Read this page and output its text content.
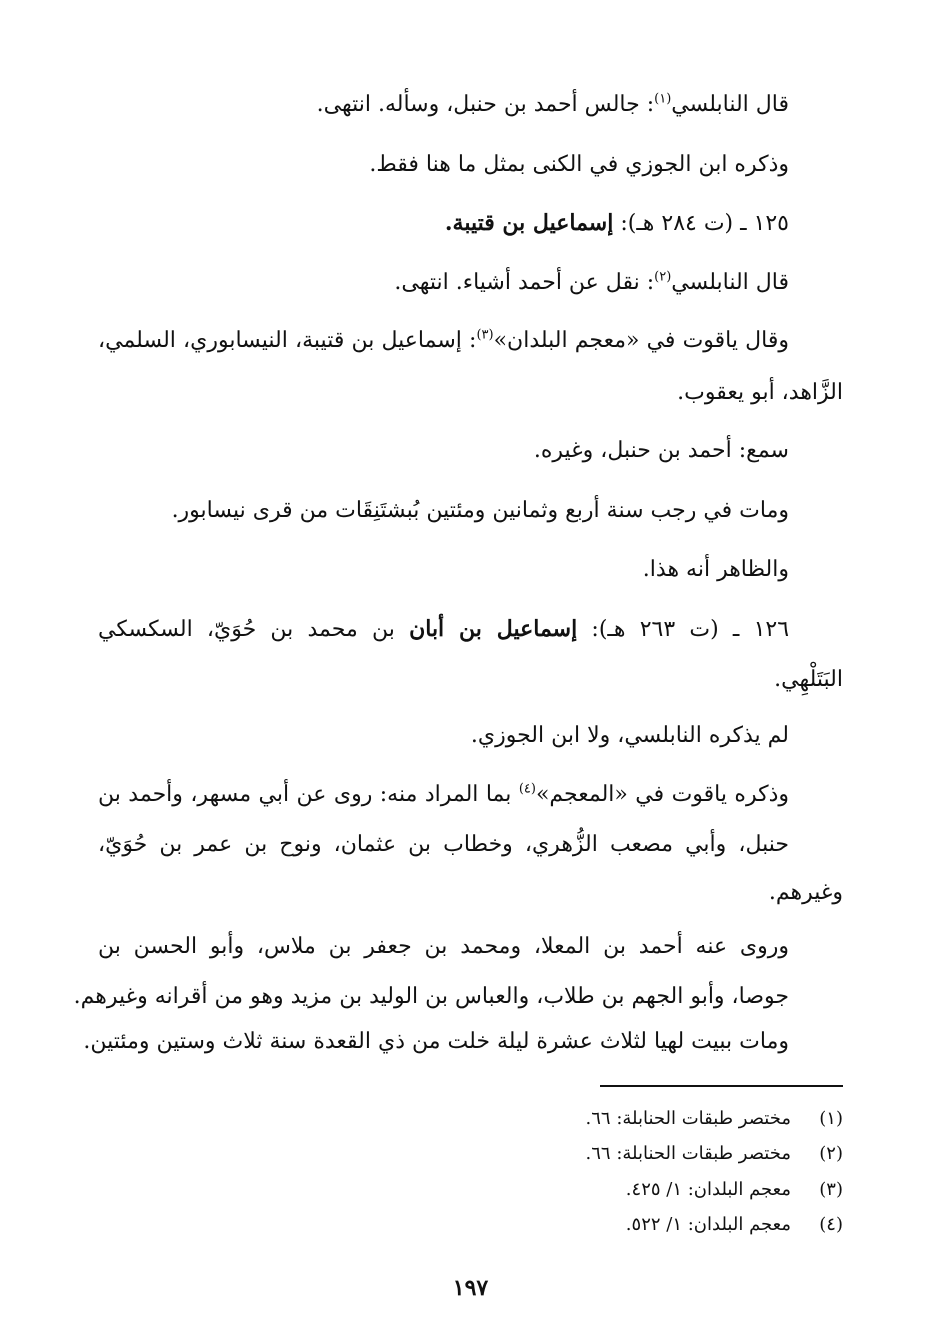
قال النابلسي$^{(١)}$: جالس أحمد بن حنبل، وسأله. انتهى.
وذكره ابن الجوزي في الكنى بمثل ما هنا فقط.
١٢٥ ـ (ت ٢٨٤ هـ): إسماعيل بن قتيبة.
قال النابلسي$^{(٢)}$: نقل عن أحمد أشياء. انتهى.
وقال ياقوت في «معجم البلدان»$^{(٣)}$: إسماعيل بن قتيبة، النيسابوري، السلمي،
الزَّاهد، أبو يعقوب.
سمع: أحمد بن حنبل، وغيره.
ومات في رجب سنة أربع وثمانين ومئتين بُبشتَنِقَات من قرى نيسابور.
والظاهر أنه هذا.
١٢٦ ـ (ت ٢٦٣ هـ): إسماعيل بن أبان بن محمد بن حُوَيّ، السكسكي
البَتَلْهِي.
لم يذكره النابلسي، ولا ابن الجوزي.
وذكره ياقوت في «المعجم»$^{(٤)}$ بما المراد منه: روى عن أبي مسهر، وأحمد بن
حنبل، وأبي مصعب الزُّهري، وخطاب بن عثمان، ونوح بن عمر بن حُوَيّ،
وغيرهم.
وروى عنه أحمد بن المعلا، ومحمد بن جعفر بن ملاس، وأبو الحسن بن
جوصا، وأبو الجهم بن طلاب، والعباس بن الوليد بن مزيد وهو من أقرانه وغيرهم.
ومات ببيت لهيا لثلاث عشرة ليلة خلت من ذي القعدة سنة ثلاث وستين ومئتين.
(١)مختصر طبقات الحنابلة: ٦٦.
(٢)مختصر طبقات الحنابلة: ٦٦.
(٣)معجم البلدان: ١/ ٤٢٥.
(٤)معجم البلدان: ١/ ٥٢٢.
١٩٧
